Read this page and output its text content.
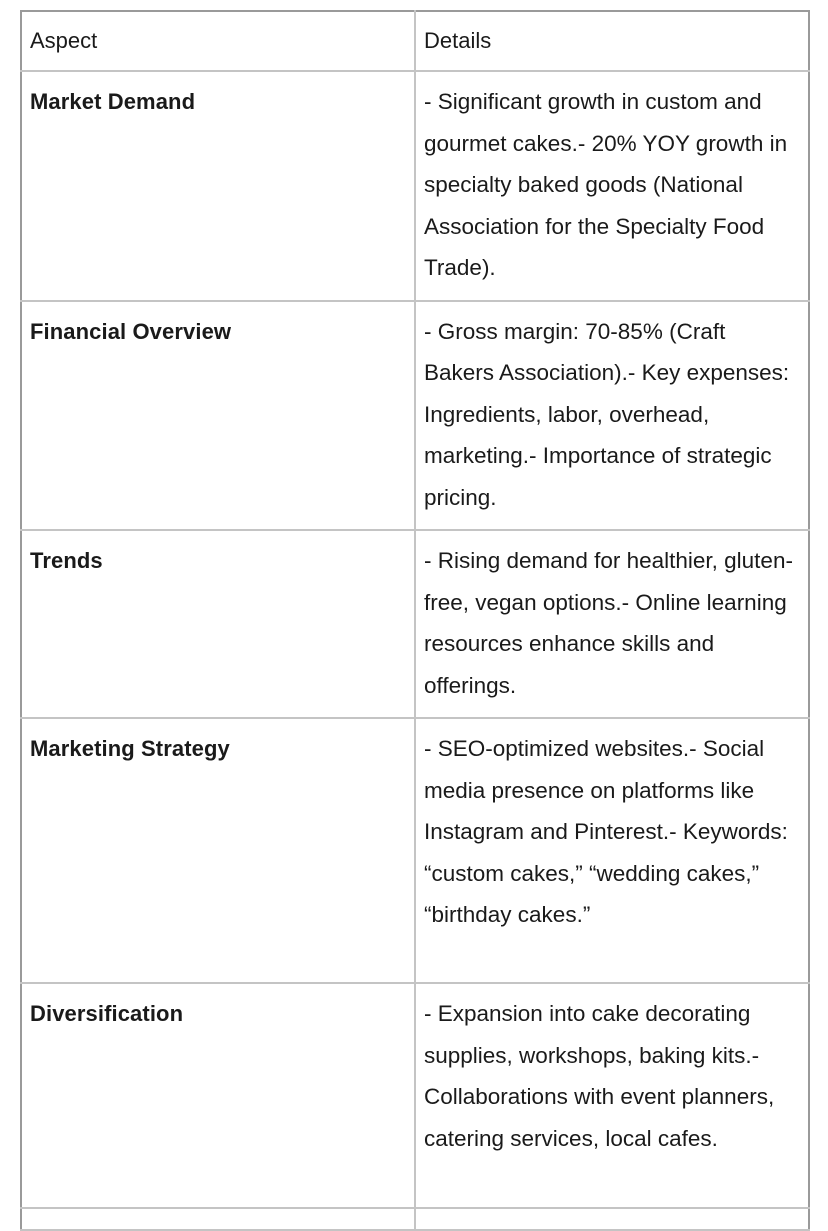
Aspect	Details
Market Demand	- Significant growth in custom and gourmet cakes.- 20% YOY growth in specialty baked goods (National Association for the Specialty Food Trade).
Financial Overview	- Gross margin: 70-85% (Craft Bakers Association).- Key expenses: Ingredients, labor, overhead, marketing.- Importance of strategic pricing.
Trends	- Rising demand for healthier, gluten-free, vegan options.- Online learning resources enhance skills and offerings.
Marketing Strategy	- SEO-optimized websites.- Social media presence on platforms like Instagram and Pinterest.- Keywords: “custom cakes,” “wedding cakes,” “birthday cakes.”
Diversification	- Expansion into cake decorating supplies, workshops, baking kits.- Collaborations with event planners, catering services, local cafes.
